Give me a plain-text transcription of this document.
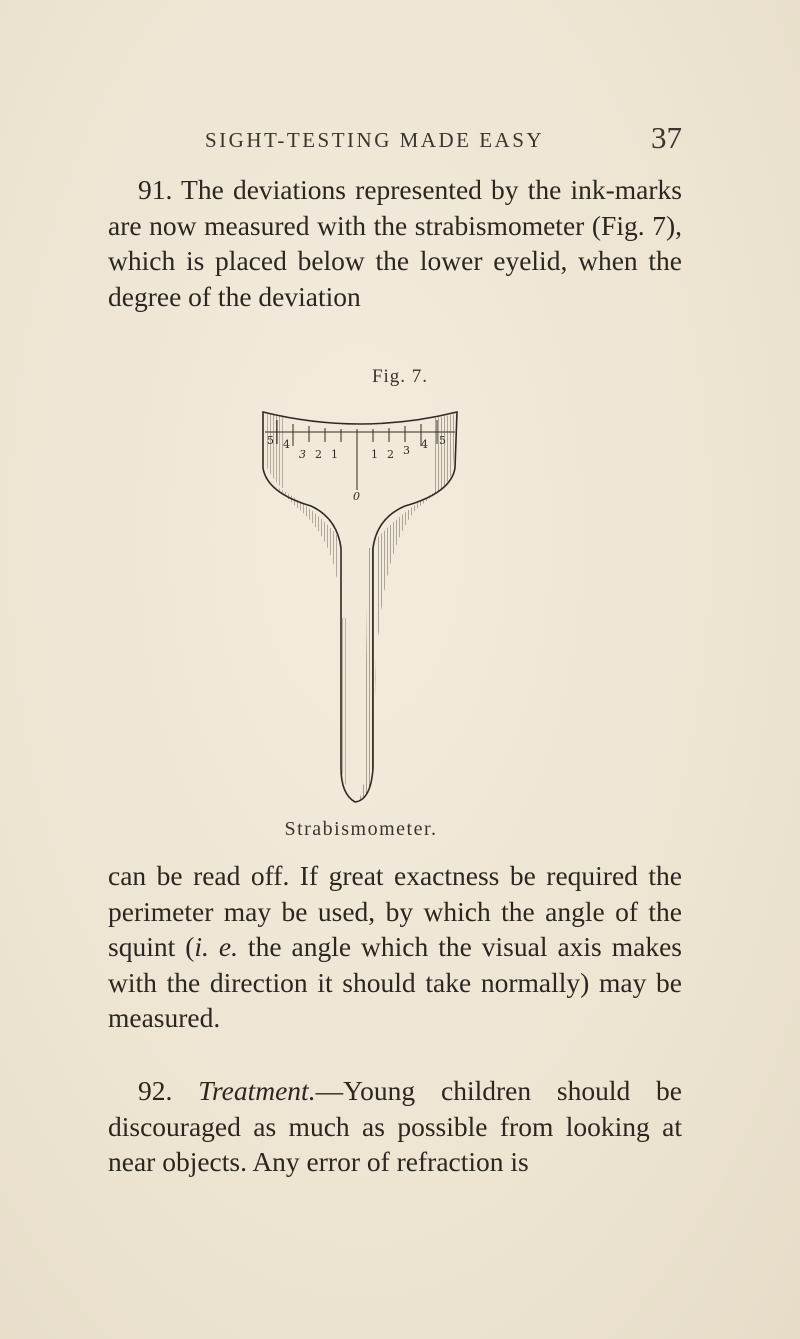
SIGHT-TESTING MADE EASY	37

91. The deviations represented by the ink-marks are now measured with the strabismometer (Fig. 7), which is placed below the lower eyelid, when the degree of the deviation

Fig. 7.
5 4
3 2 1	1 2 3 4 5
0
Strabismometer.

can be read off. If great exactness be required the perimeter may be used, by which the angle of the squint (i. e. the angle which the visual axis makes with the direction it should take normally) may be measured.

92. Treatment.—Young children should be discouraged as much as possible from looking at near objects. Any error of refraction is
